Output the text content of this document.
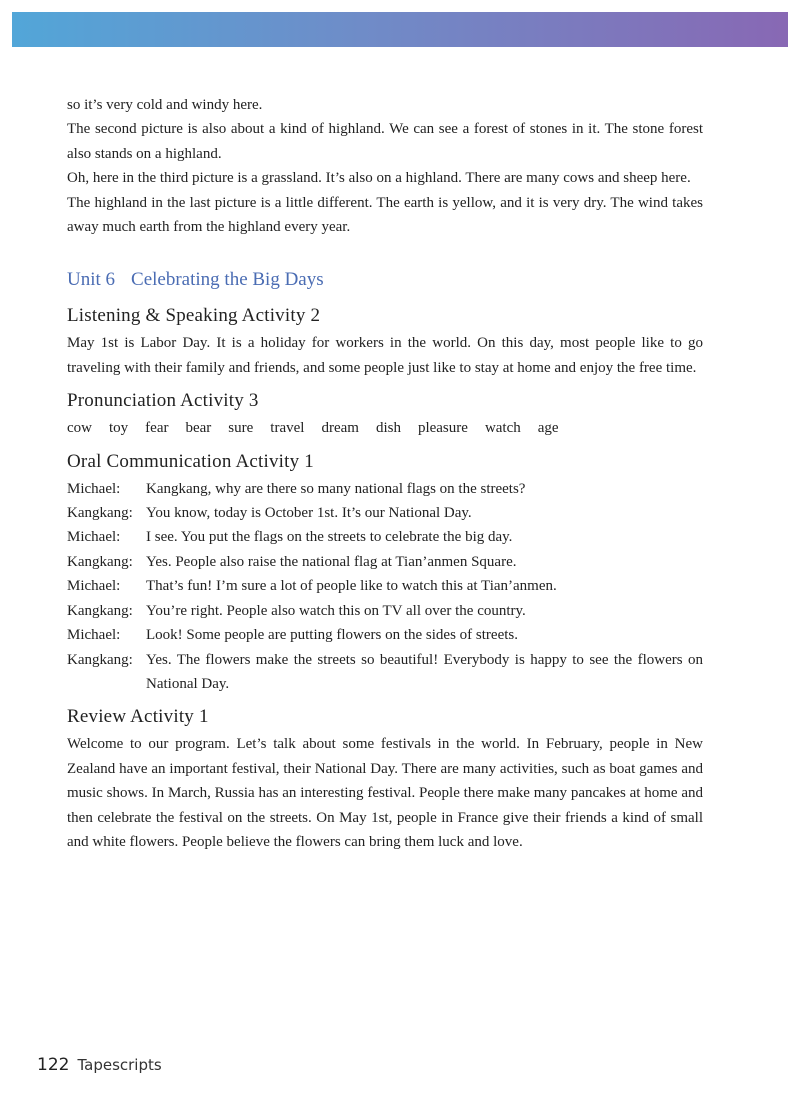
so it’s very cold and windy here.

The second picture is also about a kind of highland. We can see a forest of stones in it. The stone forest also stands on a highland.

Oh, here in the third picture is a grassland. It’s also on a highland. There are many cows and sheep here.

The highland in the last picture is a little different. The earth is yellow, and it is very dry. The wind takes away much earth from the highland every year.

Unit 6 Celebrating the Big Days
Listening & Speaking Activity 2

May 1st is Labor Day. It is a holiday for workers in the world. On this day, most people like to go traveling with their family and friends, and some people just like to stay at home and enjoy the free time.

Pronunciation Activity 3
cow toy fear bear sure travel dream dish pleasure watch age
Oral Communication Activity 1
Michael:	Kangkang, why are there so many national flags on the streets?
Kangkang: You know, today is October 1st. It’s our National Day.
Michael:	I see. You put the flags on the streets to celebrate the big day.
Kangkang: Yes. People also raise the national flag at Tian’anmen Square.
Michael:	That’s fun! I’m sure a lot of people like to watch this at Tian’anmen.
Kangkang: You’re right. People also watch this on TV all over the country.
Michael:	Look! Some people are putting flowers on the sides of streets.
Kangkang: Yes. The flowers make the streets so beautiful! Everybody is happy to see the flowers on National Day.
Review Activity 1

Welcome to our program. Let’s talk about some festivals in the world. In February, people in New Zealand have an important festival, their National Day. There are many activities, such as boat games and music shows. In March, Russia has an interesting festival. People there make many pancakes at home and then celebrate the festival on the streets. On May 1st, people in France give their friends a kind of small and white flowers. People believe the flowers can bring them luck and love.

122 Tapescripts
